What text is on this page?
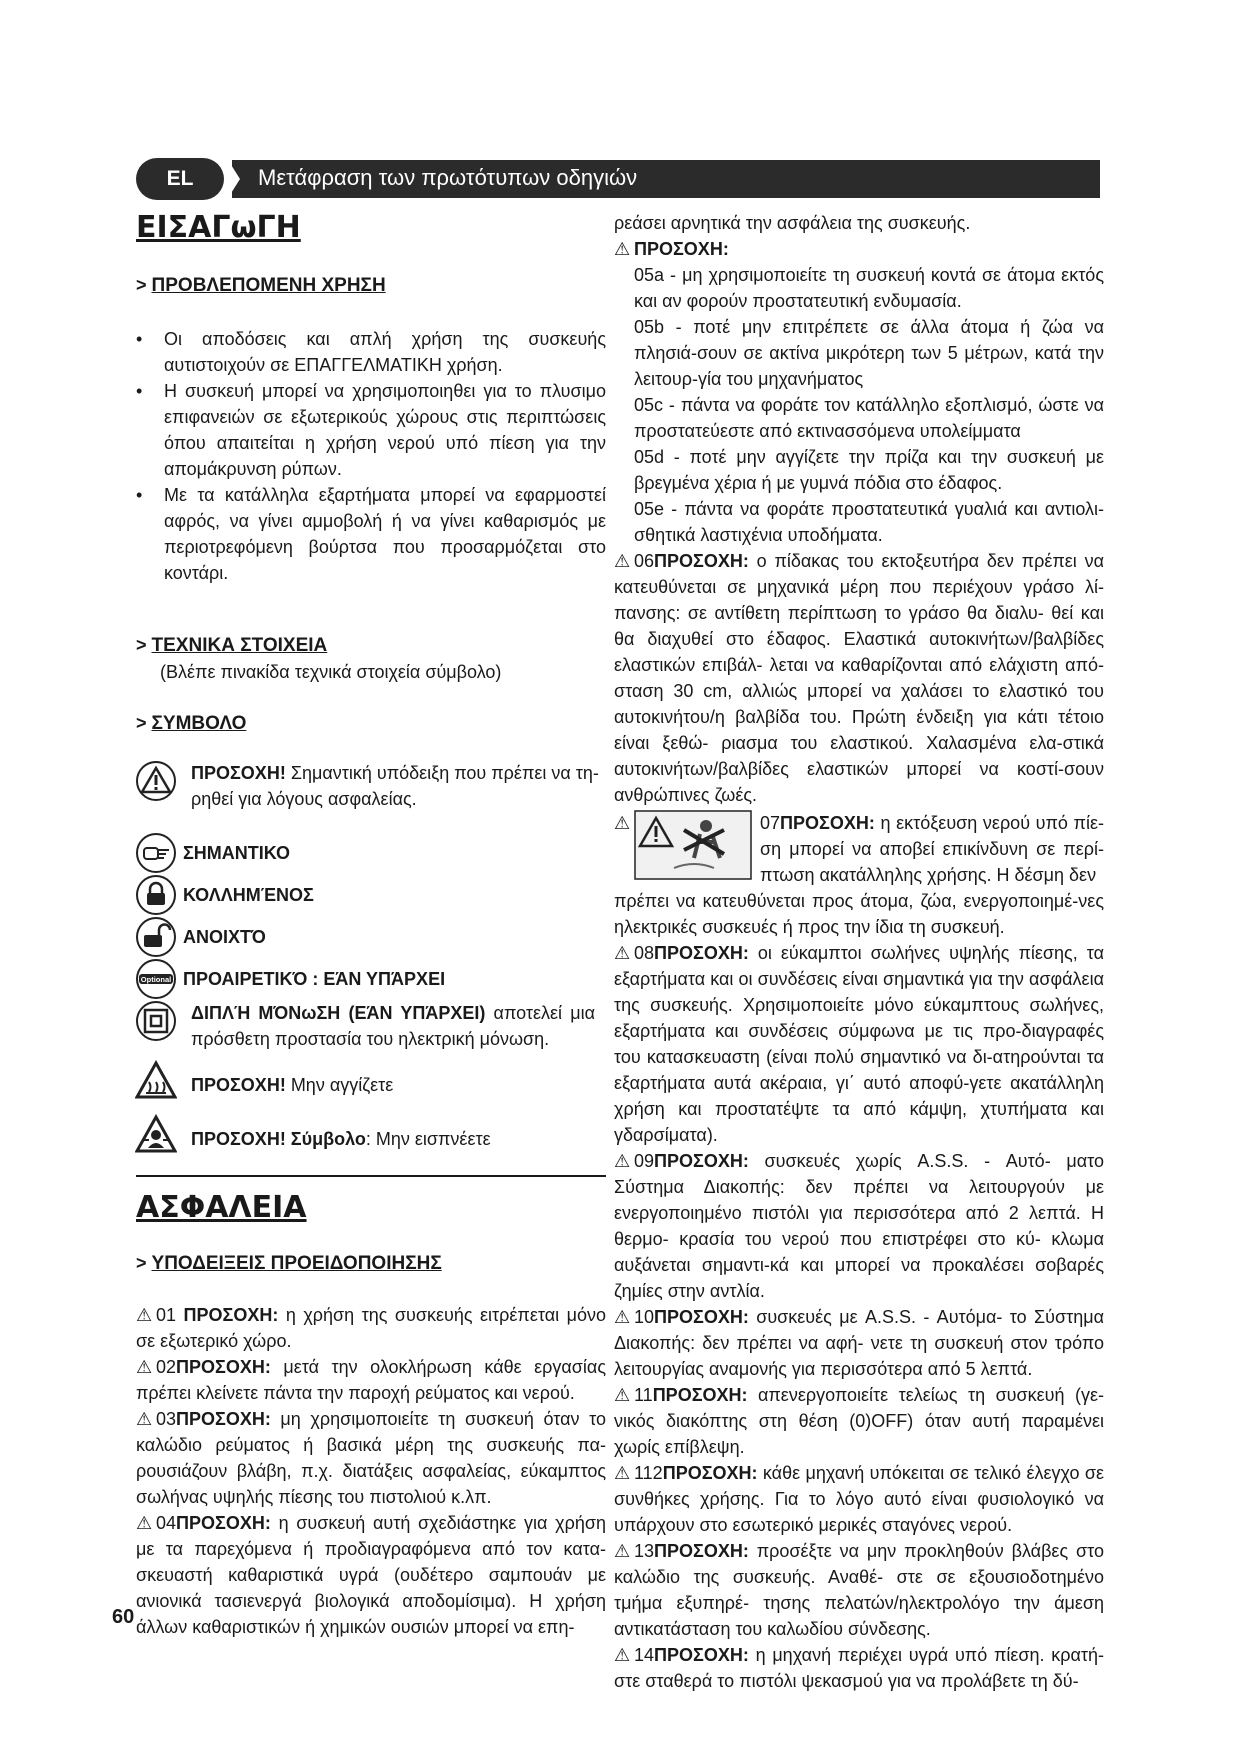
EL	Μετάφραση των πρωτότυπων οδηγιών
ΕΙΣΑΓωΓΗ
> ΠΡΟΒΛΕΠΟΜΕΝΗ ΧΡΗΣΗ
•	Οι αποδόσεις και απλή χρήση της συσκευής αυτιστοιχούν σε ΕΠΑΓΓΕΛΜΑΤΙΚΗ χρήση.
•	Η συσκευή μπορεί να χρησιμοποιηθει για το πλυσιμο επιφανειών σε εξωτερικούς χώρους στις περιπτώσεις όπου απαιτείται η χρήση νερού υπό πίεση για την απομάκρυνση ρύπων.
•	Με τα κατάλληλα εξαρτήματα μπορεί να εφαρμοστεί αφρός, να γίνει αμμοβολή ή να γίνει καθαρισμός με περιοτρεφόμενη βούρτσα που προσαρμόζεται στο κοντάρι.
> ΤΕΧΝΙΚΑ ΣΤΟΙΧΕΙΑ
(Βλέπε πινακίδα τεχνικά στοιχεία σύμβολο)
> ΣΥΜΒΟΛΟ
ΠΡΟΣΟΧΗ! Σημαντική υπόδειξη που πρέπει να τη-ρηθεί για λόγους ασφαλείας.
ΣΗΜΑΝΤΙΚΟ
ΚΟΛΛΗΜΈΝΟΣ
ΑΝΟΙΧΤΌ
Optional ΠΡΟΑΙΡΕΤΙΚΌ : ΕΆΝ ΥΠΆΡΧΕΙ
ΔΙΠΛΉ ΜΌΝωΣΗ (ΕΆΝ ΥΠΆΡΧΕΙ) αποτελεί μια πρόσθετη προστασία του ηλεκτρική μόνωση.
ΠΡΟΣΟΧΗ! Μην αγγίζετε
ΠΡΟΣΟΧΗ! Σύμβολο: Μην εισπνέετε
ΑΣΦΑΛΕΙΑ
> ΥΠΟΔΕΙΞΕΙΣ ΠΡΟΕΙΔΟΠΟΙΗΣΗΣ
⚠ 01 ΠΡΟΣΟΧΗ: η χρήση της συσκευής ειτρέπεται μόνο σε εξωτερικό χώρο.
⚠ 02ΠΡΟΣΟΧΗ: μετά την ολοκλήρωση κάθε εργασίας πρέπει κλείνετε πάντα την παροχή ρεύματος και νερού.
⚠ 03ΠΡΟΣΟΧΗ: μη χρησιμοποιείτε τη συσκευή όταν το καλώδιο ρεύματος ή βασικά μέρη της συσκευής πα-ρουσιάζουν βλάβη, π.χ. διατάξεις ασφαλείας, εύκαμπτος σωλήνας υψηλής πίεσης του πιστολιού κ.λπ.
⚠ 04ΠΡΟΣΟΧΗ: η συσκευή αυτή σχεδιάστηκε για χρήση με τα παρεχόμενα ή προδιαγραφόμενα από τον κατα-σκευαστή καθαριστικά υγρά (ουδέτερο σαμπουάν με ανιονικά τασιενεργά βιολογικά αποδομίσιμα). Η χρήση άλλων καθαριστικών ή χημικών ουσιών μπορεί να επη-
60
ρεάσει αρνητικά την ασφάλεια της συσκευής.
⚠ ΠΡΟΣΟΧΗ:
05a - μη χρησιμοποιείτε τη συσκευή κοντά σε άτομα εκτός και αν φορούν προστατευτική ενδυμασία.
05b - ποτέ μην επιτρέπετε σε άλλα άτομα ή ζώα να πλησιά-σουν σε ακτίνα μικρότερη των 5 μέτρων, κατά την λειτουρ-γία του μηχανήματος
05c - πάντα να φοράτε τον κατάλληλο εξοπλισμό, ώστε να προστατεύεστε από εκτινασσόμενα υπολείμματα
05d - ποτέ μην αγγίζετε την πρίζα και την συσκευή με βρεγμένα χέρια ή με γυμνά πόδια στο έδαφος.
05e - πάντα να φοράτε προστατευτικά γυαλιά και αντιολι-σθητικά λαστιχένια υποδήματα.
⚠ 06ΠΡΟΣΟΧΗ: ο πίδακας του εκτοξευτήρα δεν πρέπει να κατευθύνεται σε μηχανικά μέρη που περιέχουν γράσο λί-πανσης: σε αντίθετη περίπτωση το γράσο θα διαλυ- θεί και θα διαχυθεί στο έδαφος. Ελαστικά αυτοκινήτων/βαλβίδες ελαστικών επιβάλ- λεται να καθαρίζονται από ελάχιστη από- σταση 30 cm, αλλιώς μπορεί να χαλάσει το ελαστικό του αυτοκινήτου/η βαλβίδα του. Πρώτη ένδειξη για κάτι τέτοιο είναι ξεθώ- ριασμα του ελαστικού. Χαλασμένα ελα-στικά αυτοκινήτων/βαλβίδες ελαστικών μπορεί να κοστί-σουν ανθρώπινες ζωές.
⚠	07ΠΡΟΣΟΧΗ: η εκτόξευση νερού υπό πίε-ση μπορεί να αποβεί επικίνδυνη σε περί-πτωση ακατάλληλης χρήσης. Η δέσμη δεν
πρέπει να κατευθύνεται προς άτομα, ζώα, ενεργοποιημέ-νες ηλεκτρικές συσκευές ή προς την ίδια τη συσκευή.
⚠ 08ΠΡΟΣΟΧΗ: οι εύκαμπτοι σωλήνες υψηλής πίεσης, τα εξαρτήματα και οι συνδέσεις είναι σημαντικά για την ασφάλεια της συσκευής. Χρησιμοποιείτε μόνο εύκαμπτους σωλήνες, εξαρτήματα και συνδέσεις σύμφωνα με τις προ-διαγραφές του κατασκευαστη (είναι πολύ σημαντικό να δι-ατηρούνται τα εξαρτήματα αυτά ακέραια, γι΄ αυτό αποφύ-γετε ακατάλληλη χρήση και προστατέψτε τα από κάμψη, χτυπήματα και γδαρσίματα).
⚠ 09ΠΡΟΣΟΧΗ: συσκευές χωρίς A.S.S. - Αυτό- ματο Σύστημα Διακοπής: δεν πρέπει να λειτουργούν με ενεργοποιημένο πιστόλι για περισσότερα από 2 λεπτά. Η θερμο- κρασία του νερού που επιστρέφει στο κύ- κλωμα αυξάνεται σημαντι-κά και μπορεί να προκαλέσει σοβαρές ζημίες στην αντλία.
⚠ 10ΠΡΟΣΟΧΗ: συσκευές με A.S.S. - Αυτόμα- το Σύστημα Διακοπής: δεν πρέπει να αφή- νετε τη συσκευή στον τρόπο λειτουργίας αναμονής για περισσότερα από 5 λεπτά.
⚠ 11ΠΡΟΣΟΧΗ: απενεργοποιείτε τελείως τη συσκευή (γε-νικός διακόπτης στη θέση (0)OFF) όταν αυτή παραμένει χωρίς επίβλεψη.
⚠ 112ΠΡΟΣΟΧΗ: κάθε μηχανή υπόκειται σε τελικό έλεγχο σε συνθήκες χρήσης. Για το λόγο αυτό είναι φυσιολογικό να υπάρχουν στο εσωτερικό μερικές σταγόνες νερού.
⚠ 13ΠΡΟΣΟΧΗ: προσέξτε να μην προκληθούν βλάβες στο καλώδιο της συσκευής. Αναθέ- στε σε εξουσιοδοτημένο τμήμα εξυπηρέ- τησης πελατών/ηλεκτρολόγο την άμεση αντικατάσταση του καλωδίου σύνδεσης.
⚠ 14ΠΡΟΣΟΧΗ: η μηχανή περιέχει υγρά υπό πίεση. κρατή-στε σταθερά το πιστόλι ψεκασμού για να προλάβετε τη δύ-
